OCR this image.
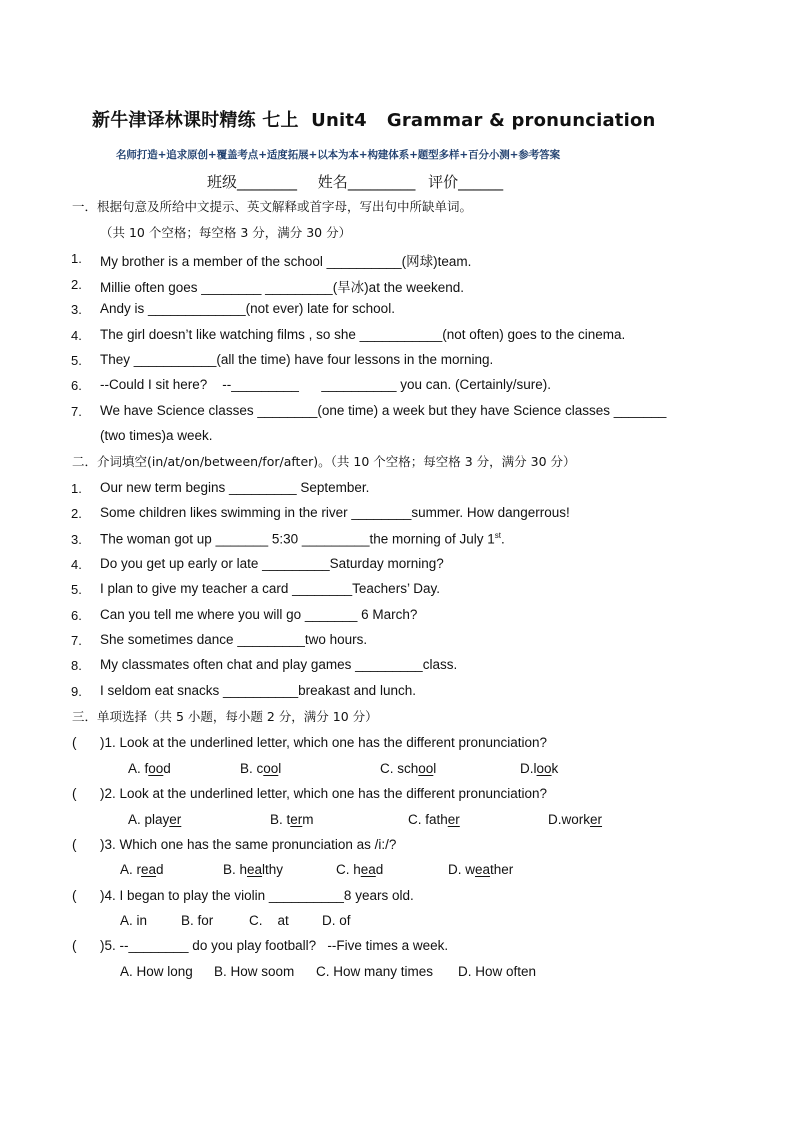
新牛津译林课时精练 七上 Unit4 Grammar & pronunciation
名师打造+追求原创+覆盖考点+适度拓展+以本为本+构建体系+题型多样+百分小测+参考答案
班级________ 姓名_________ 评价______
一．根据句意及所给中文提示、英文解释或首字母，写出句中所缺单词。
（共 10 个空格；每空格 3 分，满分 30 分）
1.	My brother is a member of the school __________(网球)team.
2.	Millie often goes ________ _________(旱冰)at the weekend.
3.	Andy is _____________(not ever) late for school.
4.	The girl doesn’t like watching films , so she ___________(not often) goes to the cinema.
5.	They ___________(all the time) have four lessons in the morning.
6.	--Could I sit here?    --_________      __________ you can. (Certainly/sure).
7.	We have Science classes ________(one time) a week but they have Science classes _______
(two times)a week.
二．介词填空(in/at/on/between/for/after)。（共 10 个空格；每空格 3 分，满分 30 分）
1.	Our new term begins _________ September.
2.	Some children likes swimming in the river ________summer. How dangerrous!
3.	The woman got up _______ 5:30 _________the morning of July 1st.
4.	Do you get up early or late _________Saturday morning?
5.	I plan to give my teacher a card ________Teachers’ Day.
6.	Can you tell me where you will go _______ 6 March?
7.	She sometimes dance _________two hours.
8.	My classmates often chat and play games _________class.
9.	I seldom eat snacks __________breakast and lunch.
三．单项选择（共 5 小题，每小题 2 分，满分 10 分）
( )1. Look at the underlined letter, which one has the different pronunciation?
A. food	B. cool	C. school	D.look
( )2. Look at the underlined letter, which one has the different pronunciation?
A. player	B. term	C. father	D.worker
( )3. Which one has the same pronunciation as /i:/?
A. read	B. healthy	C. head	D. weather
( )4. I began to play the violin __________8 years old.
A. in	B. for	C.    at D. of
( )5. --________ do you play football?   --Five times a week.
A. How long B. How soom C. How many times D. How often
